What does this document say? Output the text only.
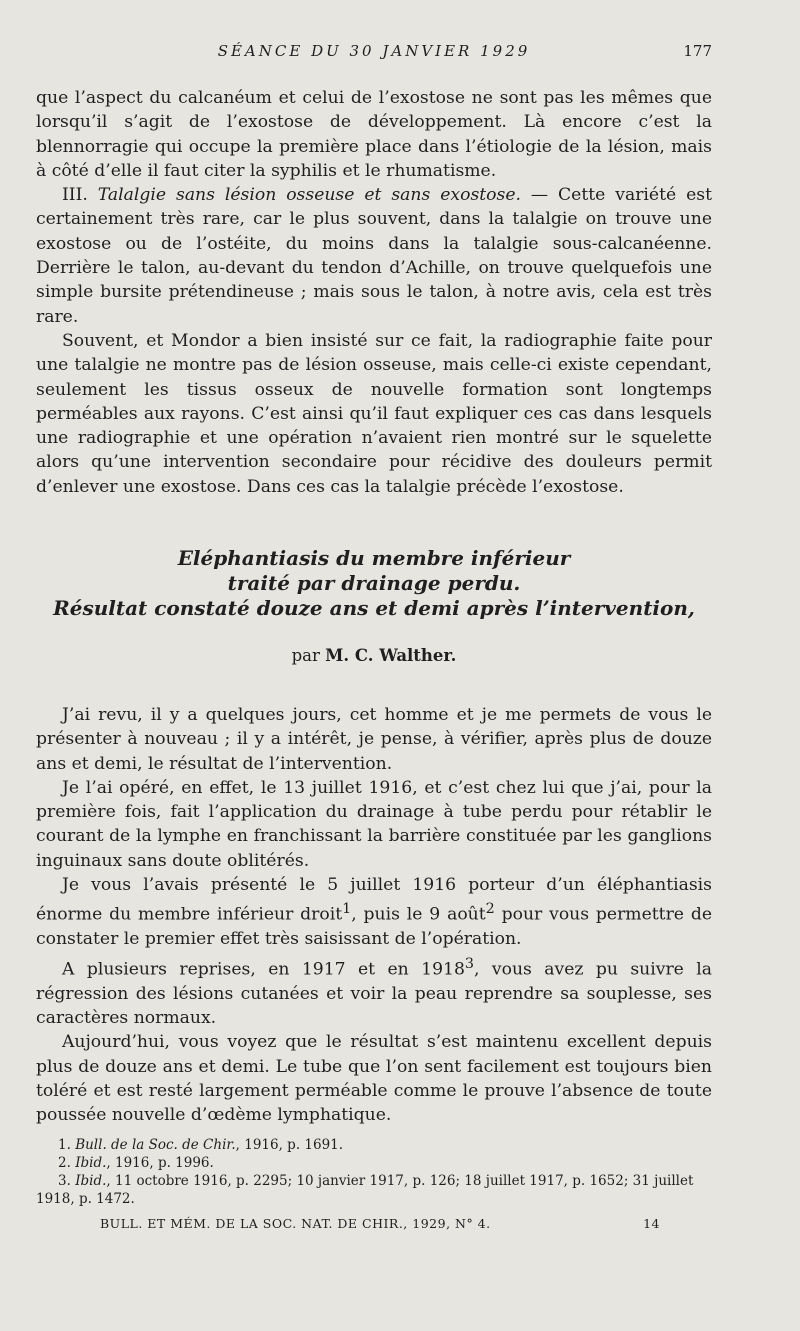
SÉANCE DU 30 JANVIER 1929	177

que l’aspect du calcanéum et celui de l’exostose ne sont pas les mêmes que lorsqu’il s’agit de l’exostose de développement. Là encore c’est la blennorragie qui occupe la première place dans l’étiologie de la lésion, mais à côté d’elle il faut citer la syphilis et le rhumatisme.

III. Talalgie sans lésion osseuse et sans exostose. — Cette variété est certainement très rare, car le plus souvent, dans la talalgie on trouve une exostose ou de l’ostéite, du moins dans la talalgie sous-calcanéenne. Derrière le talon, au-devant du tendon d’Achille, on trouve quelquefois une simple bursite prétendineuse ; mais sous le talon, à notre avis, cela est très rare.

Souvent, et Mondor a bien insisté sur ce fait, la radiographie faite pour une talalgie ne montre pas de lésion osseuse, mais celle-ci existe cependant, seulement les tissus osseux de nouvelle formation sont longtemps perméables aux rayons. C’est ainsi qu’il faut expliquer ces cas dans lesquels une radiographie et une opération n’avaient rien montré sur le squelette alors qu’une intervention secondaire pour récidive des douleurs permit d’enlever une exostose. Dans ces cas la talalgie précède l’exostose.

Eléphantiasis du membre inférieur
traité par drainage perdu.
Résultat constaté douze ans et demi après l’intervention,
par M. C. Walther.

J’ai revu, il y a quelques jours, cet homme et je me permets de vous le présenter à nouveau ; il y a intérêt, je pense, à vérifier, après plus de douze ans et demi, le résultat de l’intervention.

Je l’ai opéré, en effet, le 13 juillet 1916, et c’est chez lui que j’ai, pour la première fois, fait l’application du drainage à tube perdu pour rétablir le courant de la lymphe en franchissant la barrière constituée par les ganglions inguinaux sans doute oblitérés.

Je vous l’avais présenté le 5 juillet 1916 porteur d’un éléphantiasis énorme du membre inférieur droit$^1$, puis le 9 août$^2$ pour vous permettre de constater le premier effet très saisissant de l’opération.

A plusieurs reprises, en 1917 et en 1918$^3$, vous avez pu suivre la régression des lésions cutanées et voir la peau reprendre sa souplesse, ses caractères normaux.

Aujourd’hui, vous voyez que le résultat s’est maintenu excellent depuis plus de douze ans et demi. Le tube que l’on sent facilement est toujours bien toléré et est resté largement perméable comme le prouve l’absence de toute poussée nouvelle d’œdème lymphatique.

1. Bull. de la Soc. de Chir., 1916, p. 1691.
2. Ibid., 1916, p. 1996.
3. Ibid., 11 octobre 1916, p. 2295; 10 janvier 1917, p. 126; 18 juillet 1917, p. 1652; 31 juillet 1918, p. 1472.
BULL. ET MÉM. DE LA SOC. NAT. DE CHIR., 1929, N° 4.	14
